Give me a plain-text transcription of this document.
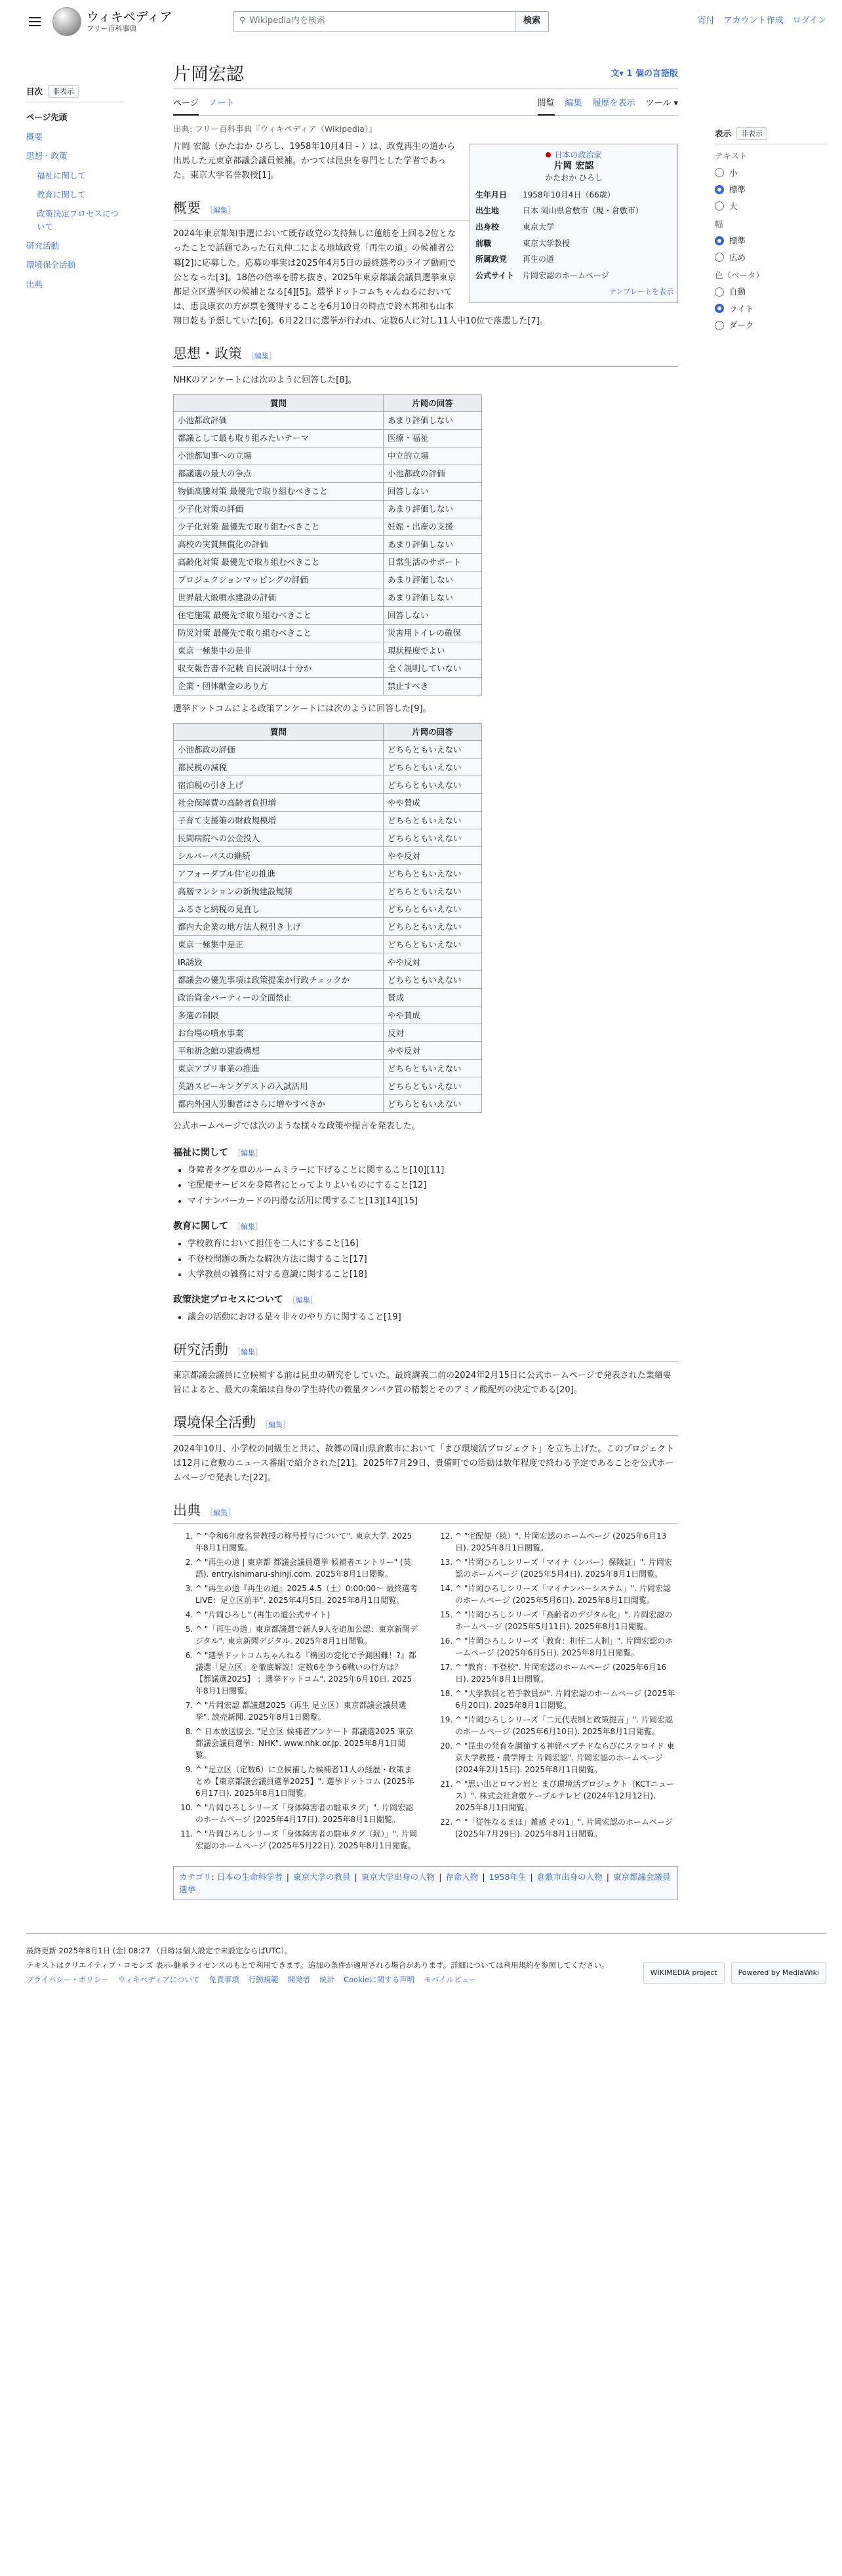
ウィキペディア
フリー百科事典
⚲ Wikipedia内を検索	検索	寄付 アカウント作成 ログイン
目次	非表示
ページ先頭
概要
思想・政策
福祉に関して
教育に関して
政策決定プロセスについて
研究活動
環境保全活動
出典
片岡宏認	文▾ 1 個の言語版
ページ ノート	閲覧 編集 履歴を表示 ツール ▾
出典: フリー百科事典『ウィキペディア（Wikipedia）』
日本の政治家
片岡 宏認
かたおか ひろし
生年月日	1958年10月4日（66歳）
出生地	日本 岡山県倉敷市（現・倉敷市）
出身校	東京大学
前職	東京大学教授
所属政党	再生の道
公式サイト	片岡宏認のホームページ
テンプレートを表示

片岡 宏認（かたおか ひろし、1958年10月4日 - ）は、政党再生の道から出馬した元東京都議会議員候補。かつては昆虫を専門とした学者であった。東京大学名誉教授[1]。

概要 ［編集］

2024年東京都知事選において既存政党の支持無しに蓮舫を上回る2位となったことで話題であった石丸伸二による地域政党「再生の道」の候補者公募[2]に応募した。応募の事実は2025年4月5日の最終選考のライブ動画で公となった[3]。18倍の倍率を勝ち抜き、2025年東京都議会議員選挙東京都足立区選挙区の候補となる[4][5]。選挙ドットコムちゃんねるにおいては、恵良康衣の方が票を獲得することを6月10日の時点で鈴木邦和も山本翔日乾も予想していた[6]。6月22日に選挙が行われ、定数6人に対し11人中10位で落選した[7]。

思想・政策 ［編集］

NHKのアンケートには次のように回答した[8]。

質問	片岡の回答
小池都政評価	あまり評価しない
都議として最も取り組みたいテーマ	医療・福祉
小池都知事への立場	中立的立場
都議選の最大の争点	小池都政の評価
物価高騰対策 最優先で取り組むべきこと	回答しない
少子化対策の評価	あまり評価しない
少子化対策 最優先で取り組むべきこと	妊娠・出産の支援
高校の実質無償化の評価	あまり評価しない
高齢化対策 最優先で取り組むべきこと	日常生活のサポート
プロジェクションマッピングの評価	あまり評価しない
世界最大級噴水建設の評価	あまり評価しない
住宅施策 最優先で取り組むべきこと	回答しない
防災対策 最優先で取り組むべきこと	災害用トイレの確保
東京一極集中の是非	現状程度でよい
収支報告書不記載 自民説明は十分か	全く説明していない
企業・団体献金のあり方	禁止すべき

選挙ドットコムによる政策アンケートには次のように回答した[9]。

質問	片岡の回答
小池都政の評価	どちらともいえない
都民税の減税	どちらともいえない
宿泊税の引き上げ	どちらともいえない
社会保障費の高齢者負担増	やや賛成
子育て支援策の財政規模増	どちらともいえない
民間病院への公金投入	どちらともいえない
シルバーパスの継続	やや反対
アフォーダブル住宅の推進	どちらともいえない
高層マンションの新規建設規制	どちらともいえない
ふるさと納税の見直し	どちらともいえない
都内大企業の地方法人税引き上げ	どちらともいえない
東京一極集中是正	どちらともいえない
IR誘致	やや反対
都議会の優先事項は政策提案か行政チェックか	どちらともいえない
政治資金パーティーの全面禁止	賛成
多選の制限	やや賛成
お台場の噴水事業	反対
平和祈念館の建設構想	やや反対
東京アプリ事業の推進	どちらともいえない
英語スピーキングテストの入試活用	どちらともいえない
都内外国人労働者はさらに増やすべきか	どちらともいえない

公式ホームページでは次のような様々な政策や提言を発表した。

福祉に関して ［編集］
• 身障者タグを車のルームミラーに下げることに関すること[10][11]
• 宅配便サービスを身障者にとってよりよいものにすること[12]
• マイナンバーカードの円滑な活用に関すること[13][14][15]
教育に関して ［編集］
• 学校教育において担任を二人にすること[16]
• 不登校問題の新たな解決方法に関すること[17]
• 大学教員の雑務に対する意識に関すること[18]
政策決定プロセスについて ［編集］
• 議会の活動における是々非々のやり方に関すること[19]
研究活動 ［編集］

東京都議会議員に立候補する前は昆虫の研究をしていた。最終講義二前の2024年2月15日に公式ホームページで発表された業績要旨によると、最大の業績は自身の学生時代の微量タンパク質の精製とそのアミノ酸配列の決定である[20]。

環境保全活動 ［編集］

2024年10月、小学校の同級生と共に、故郷の岡山県倉敷市において「まび環境活プロジェクト」を立ち上げた。このプロジェクトは12月に倉敷のニュース番組で紹介された[21]。2025年7月29日、貴備町での活動は数年程度で終わる予定であることを公式ホームページで発表した[22]。

出典 ［編集］
1. ^ "令和6年度名誉教授の称号授与について". 東京大学. 2025年8月1日閲覧。
2. ^ "再生の道 | 東京都 都議会議員選挙 候補者エントリー" (英語). entry.ishimaru-shinji.com. 2025年8月1日閲覧。
3. ^ "再生の道『再生の道』2025.4.5（土）0:00:00〜 最終選考LIVE：足立区前半". 2025年4月5日. 2025年8月1日閲覧。
4. ^ "片岡ひろし" (再生の道公式サイト)
5. ^ "「再生の道」東京都議選で新人9人を追加公認：東京新聞デジタル". 東京新聞デジタル. 2025年8月1日閲覧。
6. ^ "選挙ドットコムちゃんねる『構図の変化で予測困難！?』都議選「足立区」を徹底解説！定数6を争う6戦いの行方は？ 【都議選2025】 ：選挙ドットコム". 2025年6月10日. 2025年8月1日閲覧。
7. ^ "片岡宏認 都議選2025（再生 足立区）東京都議会議員選挙". 読売新聞. 2025年8月1日閲覧。
8. ^ 日本放送協会. "足立区 候補者アンケート 都議選2025 東京都議会議員選挙：NHK". www.nhk.or.jp. 2025年8月1日閲覧。
9. ^ "足立区（定数6）に立候補した候補者11人の経歴・政策まとめ【東京都議会議員選挙2025】". 選挙ドットコム (2025年6月17日). 2025年8月1日閲覧。
10. ^ "片岡ひろしシリーズ「身体障害者の駐車タグ」". 片岡宏認のホームページ (2025年4月17日). 2025年8月1日閲覧。
11. ^ "片岡ひろしシリーズ「身体障害者の駐車タグ（続）」". 片岡宏認のホームページ (2025年5月22日). 2025年8月1日閲覧。
12. ^ "宅配便（続）". 片岡宏認のホームページ (2025年6月13日). 2025年8月1日閲覧。
13. ^ "片岡ひろしシリーズ「マイナ（ンバー）保険証」". 片岡宏認のホームページ (2025年5月4日). 2025年8月1日閲覧。
14. ^ "片岡ひろしシリーズ「マイナンバーシステム」". 片岡宏認のホームページ (2025年5月6日). 2025年8月1日閲覧。
15. ^ "片岡ひろしシリーズ「高齢者のデジタル化」". 片岡宏認のホームページ (2025年5月11日). 2025年8月1日閲覧。
16. ^ "片岡ひろしシリーズ「教育：担任二人制」". 片岡宏認のホームページ (2025年6月5日). 2025年8月1日閲覧。
17. ^ "教育：不登校". 片岡宏認のホームページ (2025年6月16日). 2025年8月1日閲覧。
18. ^ "大学教員と若手教員が". 片岡宏認のホームページ (2025年6月20日). 2025年8月1日閲覧。
19. ^ "片岡ひろしシリーズ「二元代表制と政策提言」". 片岡宏認のホームページ (2025年6月10日). 2025年8月1日閲覧。
20. ^ "昆虫の発育を調節する神経ペプチドならびにステロイド 東京大学教授・農学博士 片岡宏認". 片岡宏認のホームページ (2024年2月15日). 2025年8月1日閲覧。
21. ^ "思い出とロマン岩と まび環境活プロジェクト（KCTニュース）". 株式会社倉敷ケーブルテレビ (2024年12月12日). 2025年8月1日閲覧。
22. ^ "「従性なるまほ」雑感 その1」". 片岡宏認のホームページ (2025年7月29日). 2025年8月1日閲覧。
カテゴリ: 日本の生命科学者 | 東京大学の教員 | 東京大学出身の人物 | 存命人物 | 1958年生 | 倉敷市出身の人物 | 東京都議会議員選挙
表示	非表示
テキスト
小
標準
大
幅
標準
広め
色（ベータ）
自動
ライト
ダーク
最終更新 2025年8月1日 (金) 08:27 （日時は個人設定で未設定ならばUTC）。
テキストはクリエイティブ・コモンズ 表示-継承ライセンスのもとで利用できます。追加の条件が適用される場合があります。詳細については利用規約を参照してください。
プライバシー・ポリシー ウィキペディアについて 免責事項 行動規範 開発者 統計 Cookieに関する声明 モバイルビュー
WIKIMEDIA project	Powered by MediaWiki
